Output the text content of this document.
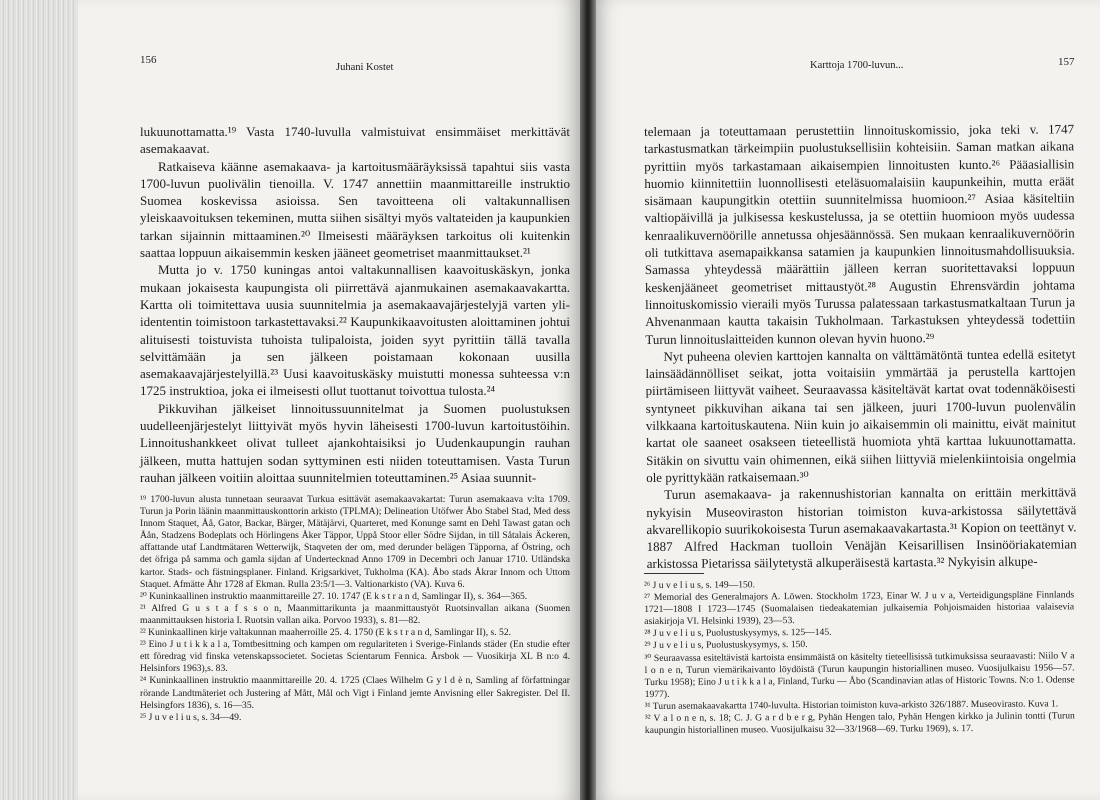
156
Juhani Kostet

lukuunottamatta.¹⁹ Vasta 1740-luvulla valmistuivat ensimmäiset merkittävät asemakaavat.

Ratkaiseva käänne asemakaava- ja kartoitusmääräyksissä tapahtui siis vasta 1700-luvun puolivälin tienoilla. V. 1747 annettiin maanmittareille instruktio Suomea koskevissa asioissa. Sen tavoitteena oli valtakunnallisen yleiskaavoituksen tekeminen, mutta siihen sisältyi myös valtateiden ja kaupunkien tarkan sijainnin mittaaminen.²⁰ Ilmeisesti määräyksen tarkoitus oli kuitenkin saattaa loppuun aikaisemmin kesken jääneet geometriset maanmittaukset.²¹

Mutta jo v. 1750 kuningas antoi valtakunnallisen kaavoituskäskyn, jonka mukaan jokaisesta kaupungista oli piirrettävä ajanmukainen asemakaavakartta. Kartta oli toimitettava uusia suunnitelmia ja asemakaavajärjestelyjä varten yli-idententin toimistoon tarkastettavaksi.²² Kaupunkikaavoitusten aloittaminen johtui alituisesti toistuvista tuhoista tulipaloista, joiden syyt pyrittiin tällä tavalla selvittämään ja sen jälkeen poistamaan kokonaan uusilla asemakaavajärjestelyillä.²³ Uusi kaavoituskäsky muistutti monessa suhteessa v:n 1725 instruktioa, joka ei ilmeisesti ollut tuottanut toivottua tulosta.²⁴

Pikkuvihan jälkeiset linnoitussuunnitelmat ja Suomen puolustuksen uudelleenjärjestelyt liittyivät myös hyvin läheisesti 1700-luvun kartoitustöihin. Linnoitushankkeet olivat tulleet ajankohtaisiksi jo Uudenkaupungin rauhan jälkeen, mutta hattujen sodan syttyminen esti niiden toteuttamisen. Vasta Turun rauhan jälkeen voitiin aloittaa suunnitelmien toteuttaminen.²⁵ Asiaa suunnit-

¹⁹ 1700-luvun alusta tunnetaan seuraavat Turkua esittävät asemakaavakartat: Turun asemakaava v:lta 1709. Turun ja Porin läänin maanmittauskonttorin arkisto (TPLMA); Delineation Utöfwer Åbo Stabel Stad, Med dess Innom Staquet, Åå, Gator, Backar, Bärger, Mätäjärvi, Quarteret, med Konunge samt en Dehl Tawast gatan och Åån, Stadzens Bodeplats och Hörlingens Åker Täppor, Uppå Stoor eller Södre Sijdan, in till Såtalais Äckeren, affattande utaf Landtmätaren Wetterwijk, Staqveten der om, med derunder belägen Täpporna, af Östring, och det öfriga på samma och gamla sijdan af Undertecknad Anno 1709 in Decembri och Januar 1710. Utländska kartor. Stads- och fästningsplaner. Finland. Krigsarkivet, Tukholma (KA). Åbo stads Åkrar Innom och Uttom Staquet. Afmätte Åhr 1728 af Ekman. Rulla 23:5/1—3. Valtionarkisto (VA). Kuva 6.

²⁰ Kuninkaallinen instruktio maanmittareille 27. 10. 1747 (E k s t r a n d, Samlingar II), s. 364—365.

²¹ Alfred G u s t a f s s o n, Maanmittarikunta ja maanmittaustyöt Ruotsinvallan aikana (Suomen maanmittauksen historia I. Ruotsin vallan aika. Porvoo 1933), s. 81—82.

²² Kuninkaallinen kirje valtakunnan maaherroille 25. 4. 1750 (E k s t r a n d, Samlingar II), s. 52.

²³ Eino J u t i k k a l a, Tomtbesittning och kampen om regulariteten i Sverige-Finlands städer (En studie efter ett föredrag vid finska vetenskapssocietet. Societas Scientarum Fennica. Årsbok — Vuosikirja XL B n:o 4. Helsinfors 1963),s. 83.

²⁴ Kuninkaallinen instruktio maanmittareille 20. 4. 1725 (Claes Wilhelm G y l d è n, Samling af författningar rörande Landtmäteriet och Justering af Mått, Mål och Vigt i Finland jemte Anvisning eller Sakregister. Del II. Helsingfors 1836), s. 16—35.

²⁵ J u v e l i u s, s. 34—49.

Karttoja 1700-luvun...	157

telemaan ja toteuttamaan perustettiin linnoituskomissio, joka teki v. 1747 tarkastusmatkan tärkeimpiin puolustuksellisiin kohteisiin. Saman matkan aikana pyrittiin myös tarkastamaan aikaisempien linnoitusten kunto.²⁶ Pääasiallisin huomio kiinnitettiin luonnollisesti eteläsuomalaisiin kaupunkeihin, mutta eräät sisämaan kaupungitkin otettiin suunnitelmissa huomioon.²⁷ Asiaa käsiteltiin valtiopäivillä ja julkisessa keskustelussa, ja se otettiin huomioon myös uudessa kenraalikuvernöörille annetussa ohjesäännössä. Sen mukaan kenraalikuvernöörin oli tutkittava asemapaikkansa satamien ja kaupunkien linnoitusmahdollisuuksia. Samassa yhteydessä määrättiin jälleen kerran suoritettavaksi loppuun keskenjääneet geometriset mittaustyöt.²⁸ Augustin Ehrensvärdin johtama linnoituskomissio vieraili myös Turussa palatessaan tarkastusmatkaltaan Turun ja Ahvenanmaan kautta takaisin Tukholmaan. Tarkastuksen yhteydessä todettiin Turun linnoituslaitteiden kunnon olevan hyvin huono.²⁹

Nyt puheena olevien karttojen kannalta on välttämätöntä tuntea edellä esitetyt lainsäädännölliset seikat, jotta voitaisiin ymmärtää ja perustella karttojen piirtämiseen liittyvät vaiheet. Seuraavassa käsiteltävät kartat ovat todennäköisesti syntyneet pikkuvihan aikana tai sen jälkeen, juuri 1700-luvun puolenvälin vilkkaana kartoituskautena. Niin kuin jo aikaisemmin oli mainittu, eivät mainitut kartat ole saaneet osakseen tieteellistä huomiota yhtä karttaa lukuunottamatta. Sitäkin on sivuttu vain ohimennen, eikä siihen liittyviä mielenkiintoisia ongelmia ole pyrittykään ratkaisemaan.³⁰

Turun asemakaava- ja rakennushistorian kannalta on erittäin merkittävä nykyisin Museoviraston historian toimiston kuva-arkistossa säilytettävä akvarellikopio suurikokoisesta Turun asemakaavakartasta.³¹ Kopion on teettänyt v. 1887 Alfred Hackman tuolloin Venäjän Keisarillisen Insinööriakatemian arkistossa Pietarissa säilytetystä alkuperäisestä kartasta.³² Nykyisin alkupe-

²⁶ J u v e l i u s, s. 149—150.

²⁷ Memorial des Generalmajors A. Löwen. Stockholm 1723, Einar W. J u v a, Verteidigungspläne Finnlands 1721—1808 I 1723—1745 (Suomalaisen tiedeakatemian julkaisemia Pohjoismaiden historiaa valaisevia asiakirjoja VI. Helsinki 1939), 23—53.

²⁸ J u v e l i u s, Puolustuskysymys, s. 125—145.

²⁹ J u v e l i u s, Puolustuskysymys, s. 150.

³⁰ Seuraavassa esiteltävistä kartoista ensimmäistä on käsitelty tieteellisissä tutkimuksissa seuraavasti: Niilo V a l o n e n, Turun viemärikaivanto löydöistä (Turun kaupungin historiallinen museo. Vuosijulkaisu 1956—57. Turku 1958); Eino J u t i k k a l a, Finland, Turku — Åbo (Scandinavian atlas of Historic Towns. N:o 1. Odense 1977).

³¹ Turun asemakaavakartta 1740-luvulta. Historian toimiston kuva-arkisto 326/1887. Museovirasto. Kuva 1.

³² V a l o n e n, s. 18; C. J. G a r d b e r g, Pyhän Hengen talo, Pyhän Hengen kirkko ja Julinin tontti (Turun kaupungin historiallinen museo. Vuosijulkaisu 32—33/1968—69. Turku 1969), s. 17.
